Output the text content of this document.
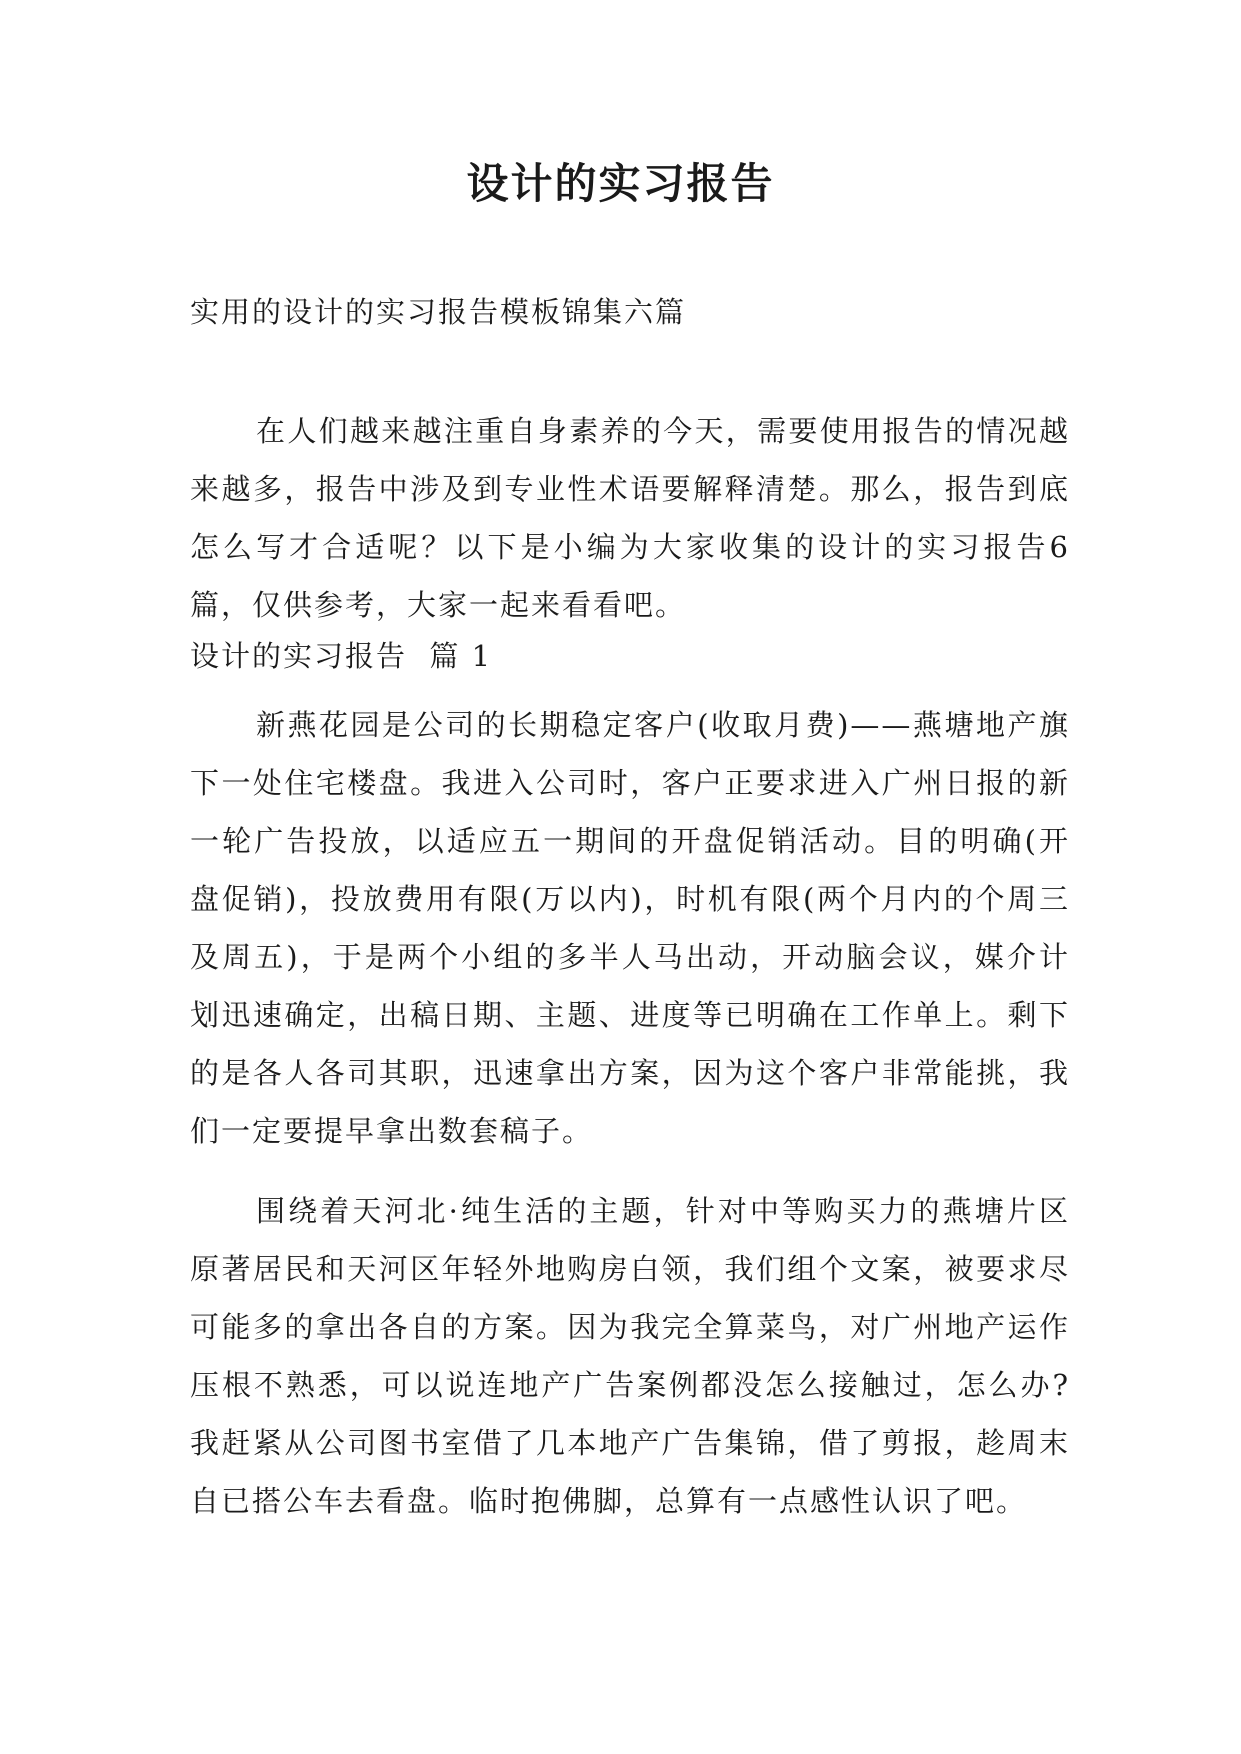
设计的实习报告

实用的设计的实习报告模板锦集六篇

在人们越来越注重自身素养的今天，需要使用报告的情况越来越多，报告中涉及到专业性术语要解释清楚。那么，报告到底怎么写才合适呢？以下是小编为大家收集的设计的实习报告6篇，仅供参考，大家一起来看看吧。

设计的实习报告  篇 1

新燕花园是公司的长期稳定客户(收取月费)——燕塘地产旗下一处住宅楼盘。我进入公司时，客户正要求进入广州日报的新一轮广告投放，以适应五一期间的开盘促销活动。目的明确(开盘促销)，投放费用有限(万以内)，时机有限(两个月内的个周三及周五)，于是两个小组的多半人马出动，开动脑会议，媒介计划迅速确定，出稿日期、主题、进度等已明确在工作单上。剩下的是各人各司其职，迅速拿出方案，因为这个客户非常能挑，我们一定要提早拿出数套稿子。

围绕着天河北·纯生活的主题，针对中等购买力的燕塘片区原著居民和天河区年轻外地购房白领，我们组个文案，被要求尽可能多的拿出各自的方案。因为我完全算菜鸟，对广州地产运作压根不熟悉，可以说连地产广告案例都没怎么接触过，怎么办?我赶紧从公司图书室借了几本地产广告集锦，借了剪报，趁周末自已搭公车去看盘。临时抱佛脚，总算有一点感性认识了吧。
